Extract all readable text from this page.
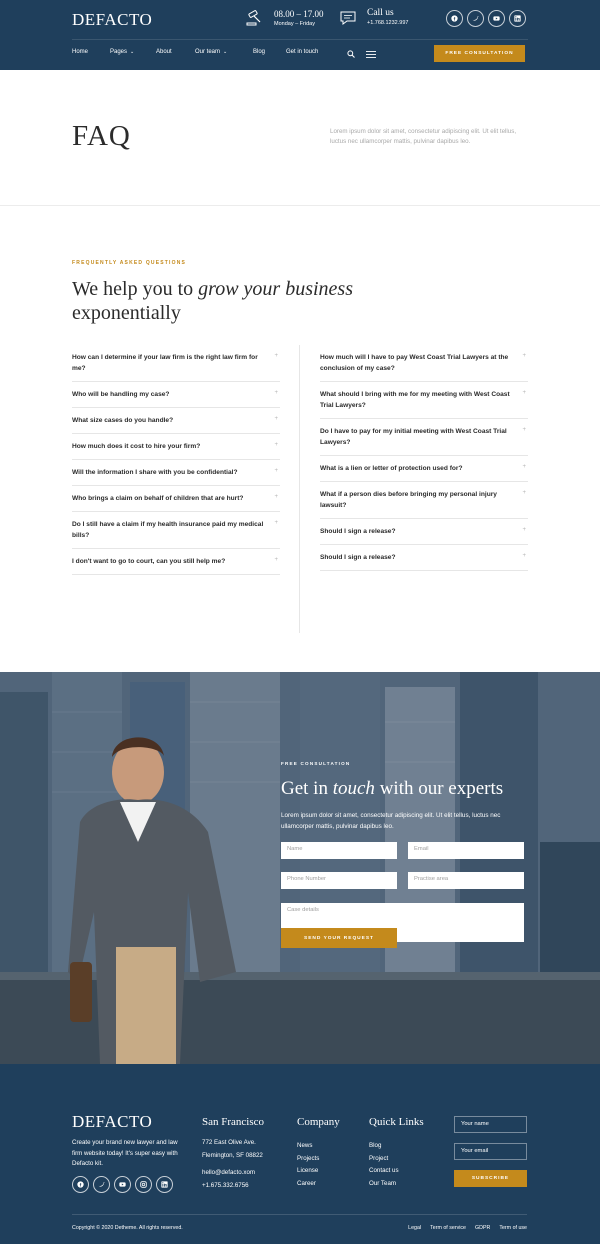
DEFACTO	08.00 – 17.00
Monday – Friday
Call us
+1.768.1232.997	f
Home	Pages ⌄	About	Our team ⌄	Blog	Get in touch	FREE CONSULTATION
FAQ	Lorem ipsum dolor sit amet, consectetur adipiscing elit. Ut elit tellus, luctus nec ullamcorper mattis, pulvinar dapibus leo.
FREQUENTLY ASKED QUESTIONS
We help you to grow your business
exponentially
How can I determine if your law firm is the right law firm for me?
+
Who will be handling my case?	+
What size cases do you handle?	+
How much does it cost to hire your firm?	+
Will the information I share with you be confidential?	+
Who brings a claim on behalf of children that are hurt?	+
Do I still have a claim if my health insurance paid my medical bills?
+
I don't want to go to court, can you still help me?	+
How much will I have to pay West Coast Trial Lawyers at the conclusion of my case?
+
What should I bring with me for my meeting with West Coast Trial Lawyers?
+
Do I have to pay for my initial meeting with West Coast Trial Lawyers?
+
What is a lien or letter of protection used for?	+
What if a person dies before bringing my personal injury lawsuit?
+
Should I sign a release?	+
Should I sign a release?	+
FREE CONSULTATION
Get in touch with our experts
Lorem ipsum dolor sit amet, consectetur adipiscing elit. Ut elit tellus, luctus nec ullamcorper mattis, pulvinar dapibus leo.
Name	Email
Phone Number	Practise area
Case details
SEND YOUR REQUEST
DEFACTO
Create your brand new lawyer and law firm website today! It's super easy with Defacto kit.
f
San Francisco
772 East Olive Ave.
Flemington, SF 08822
hello@defacto.xom
+1.675.332.6756
Company
News
Projects
License
Career
Quick Links
Blog
Project
Contact us
Our Team
Your name
Your email
SUBSCRIBE
Copyright © 2020 Detheme. All rights reserved.	Legal Term of service GDPR Term of use
